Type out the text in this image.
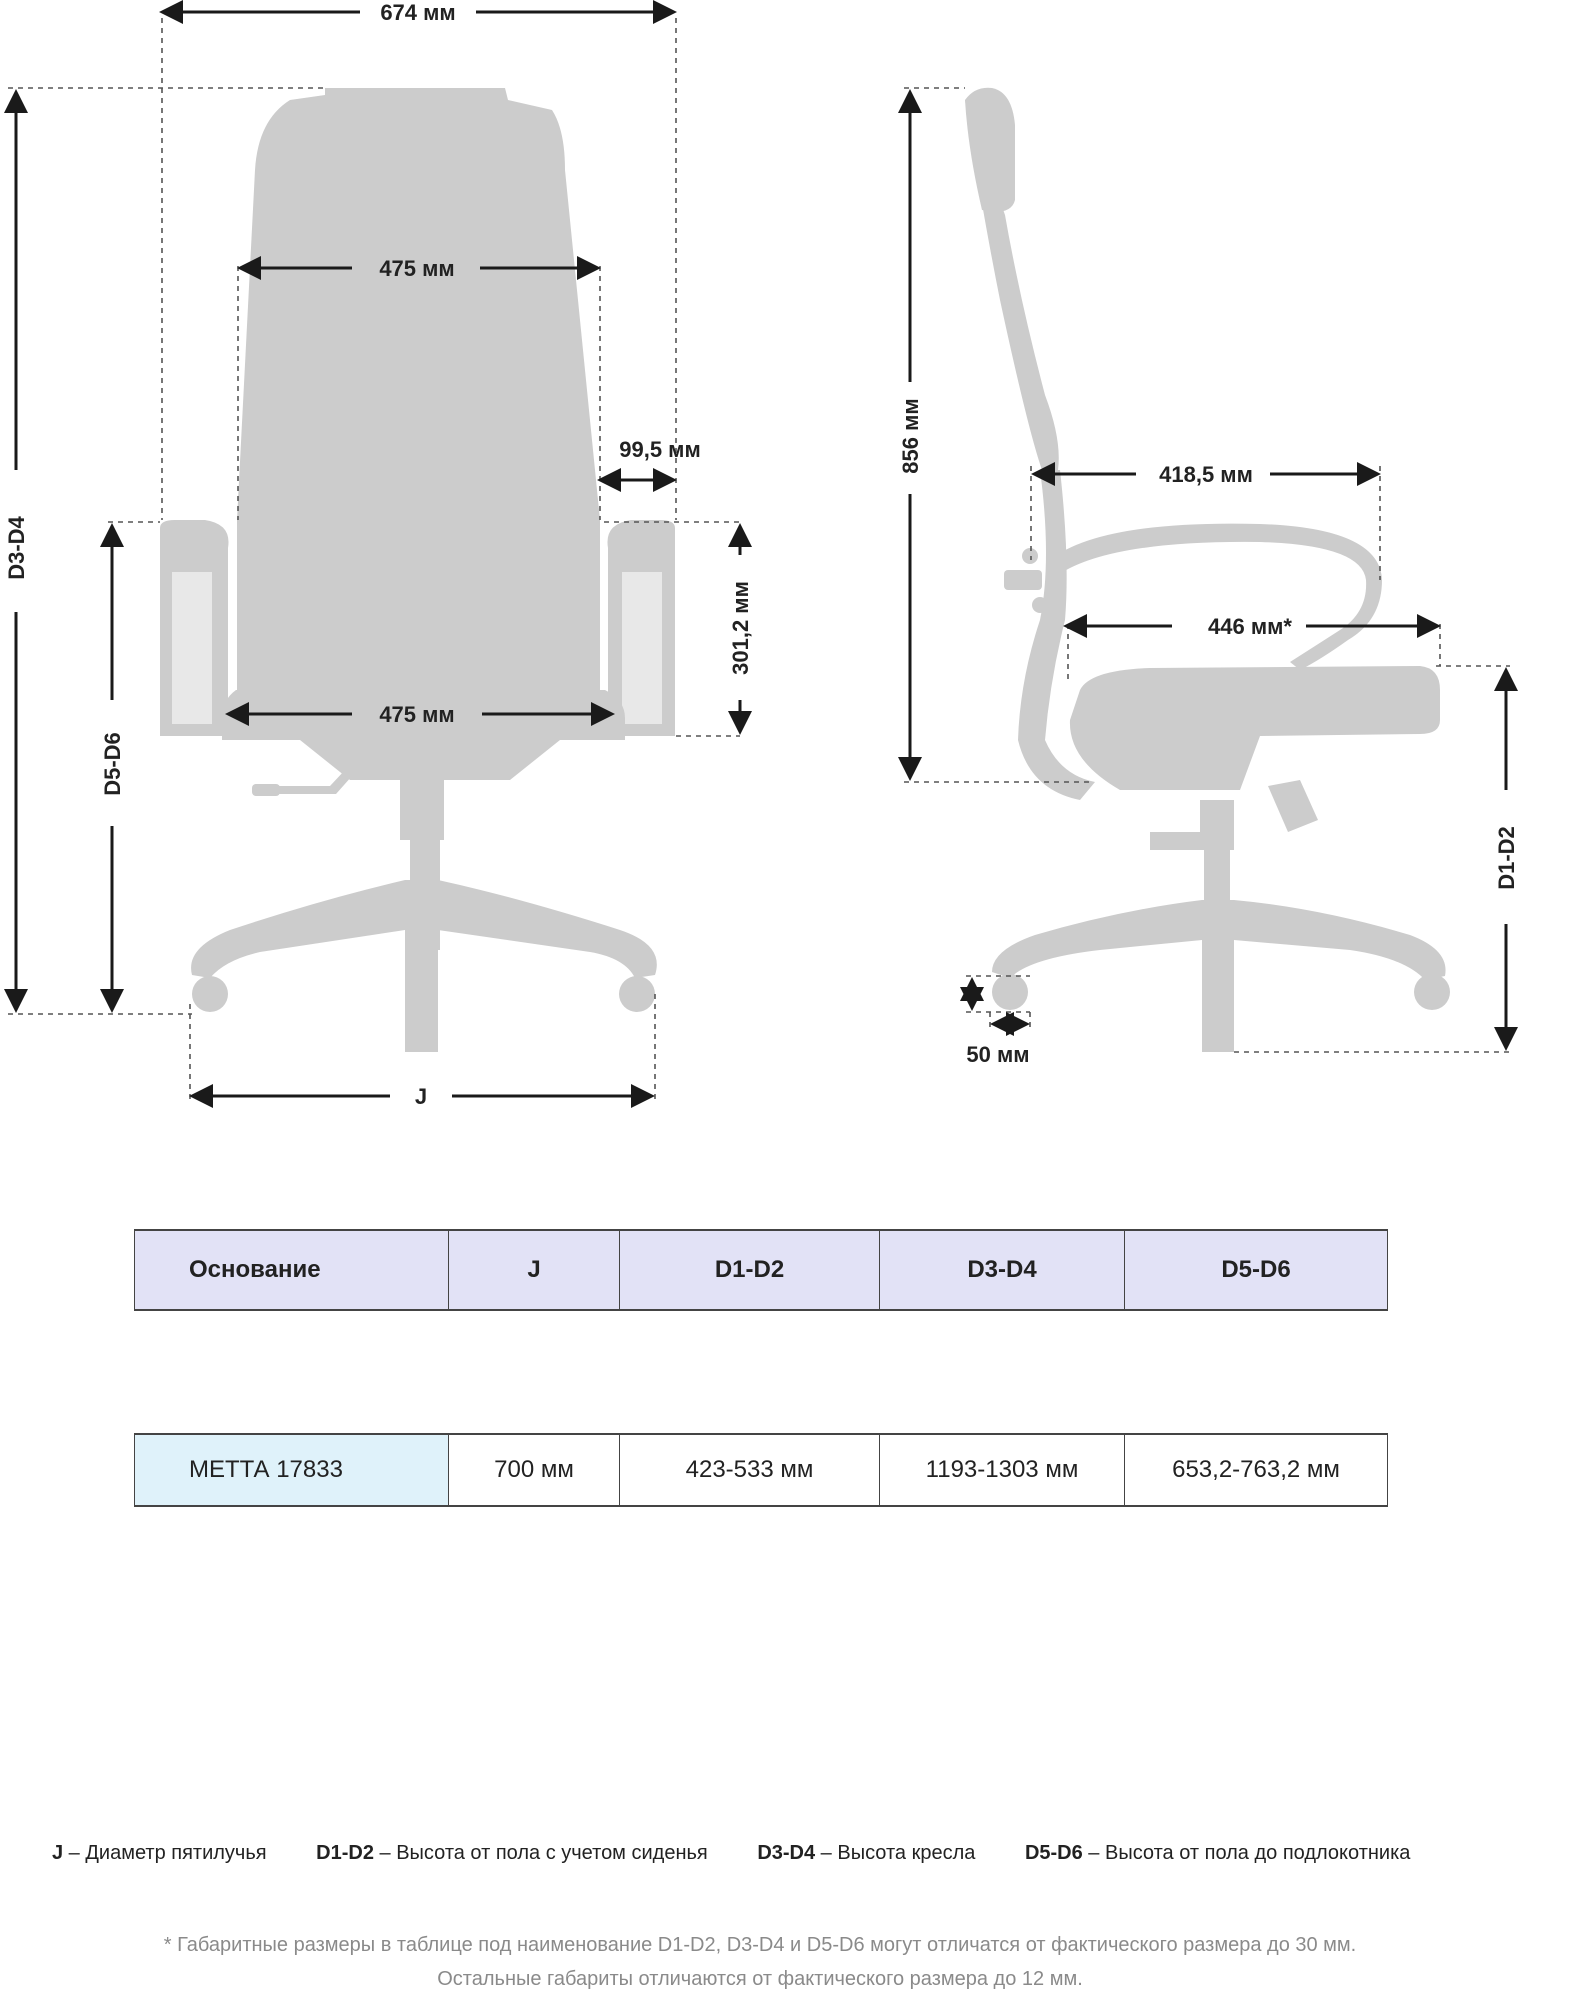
674 мм
475 мм
99,5 мм
301,2 мм
475 мм
D3-D4
D5-D6
J
856 мм
418,5 мм
446 мм*
D1-D2
50 мм
Основание	J	D1-D2	D3-D4	D5-D6

МЕТТА 17833	700 мм	423-533 мм	1193-1303 мм	653,2-763,2 мм
J – Диаметр пятилучья D1-D2 – Высота от пола с учетом сиденья D3-D4 – Высота кресла D5-D6 – Высота от пола до подлокотника
* Габаритные размеры в таблице под наименование D1-D2, D3-D4 и D5-D6 могут отличатся от фактического размера до 30 мм.
Остальные габариты отличаются от фактического размера до 12 мм.
